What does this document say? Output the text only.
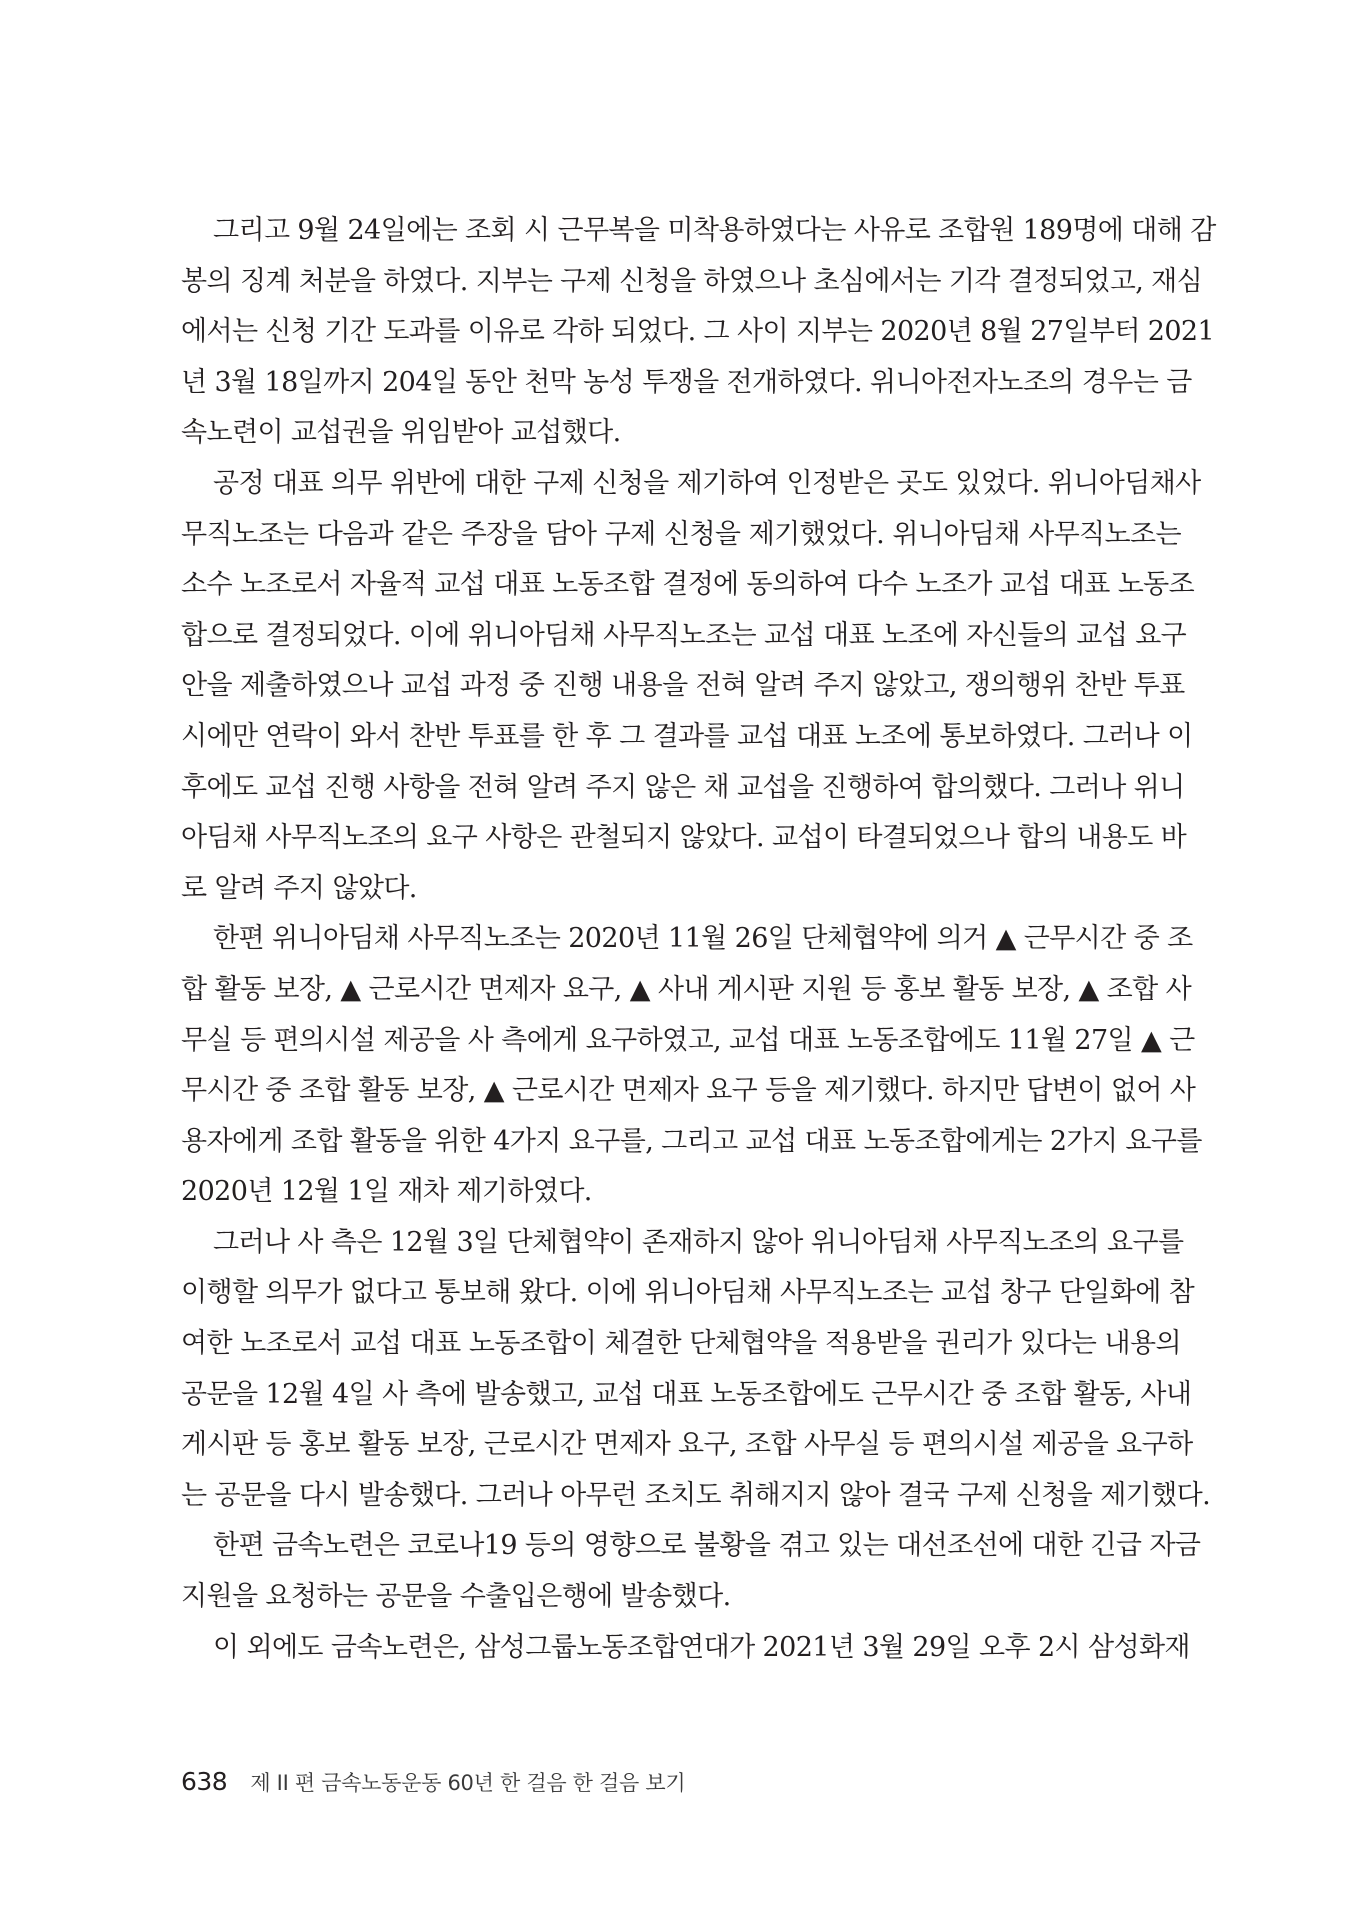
그리고 9월 24일에는 조회 시 근무복을 미착용하였다는 사유로 조합원 189명에 대해 감
봉의 징계 처분을 하였다. 지부는 구제 신청을 하였으나 초심에서는 기각 결정되었고, 재심
에서는 신청 기간 도과를 이유로 각하 되었다. 그 사이 지부는 2020년 8월 27일부터 2021
년 3월 18일까지 204일 동안 천막 농성 투쟁을 전개하였다. 위니아전자노조의 경우는 금
속노련이 교섭권을 위임받아 교섭했다.
공정 대표 의무 위반에 대한 구제 신청을 제기하여 인정받은 곳도 있었다. 위니아딤채사
무직노조는 다음과 같은 주장을 담아 구제 신청을 제기했었다. 위니아딤채 사무직노조는
소수 노조로서 자율적 교섭 대표 노동조합 결정에 동의하여 다수 노조가 교섭 대표 노동조
합으로 결정되었다. 이에 위니아딤채 사무직노조는 교섭 대표 노조에 자신들의 교섭 요구
안을 제출하였으나 교섭 과정 중 진행 내용을 전혀 알려 주지 않았고, 쟁의행위 찬반 투표
시에만 연락이 와서 찬반 투표를 한 후 그 결과를 교섭 대표 노조에 통보하였다. 그러나 이
후에도 교섭 진행 사항을 전혀 알려 주지 않은 채 교섭을 진행하여 합의했다. 그러나 위니
아딤채 사무직노조의 요구 사항은 관철되지 않았다. 교섭이 타결되었으나 합의 내용도 바
로 알려 주지 않았다.
한편 위니아딤채 사무직노조는 2020년 11월 26일 단체협약에 의거 ▲ 근무시간 중 조
합 활동 보장, ▲ 근로시간 면제자 요구, ▲ 사내 게시판 지원 등 홍보 활동 보장, ▲ 조합 사
무실 등 편의시설 제공을 사 측에게 요구하였고, 교섭 대표 노동조합에도 11월 27일 ▲ 근
무시간 중 조합 활동 보장, ▲ 근로시간 면제자 요구 등을 제기했다. 하지만 답변이 없어 사
용자에게 조합 활동을 위한 4가지 요구를, 그리고 교섭 대표 노동조합에게는 2가지 요구를
2020년 12월 1일 재차 제기하였다.
그러나 사 측은 12월 3일 단체협약이 존재하지 않아 위니아딤채 사무직노조의 요구를
이행할 의무가 없다고 통보해 왔다. 이에 위니아딤채 사무직노조는 교섭 창구 단일화에 참
여한 노조로서 교섭 대표 노동조합이 체결한 단체협약을 적용받을 권리가 있다는 내용의
공문을 12월 4일 사 측에 발송했고, 교섭 대표 노동조합에도 근무시간 중 조합 활동, 사내
게시판 등 홍보 활동 보장, 근로시간 면제자 요구, 조합 사무실 등 편의시설 제공을 요구하
는 공문을 다시 발송했다. 그러나 아무런 조치도 취해지지 않아 결국 구제 신청을 제기했다.
한편 금속노련은 코로나19 등의 영향으로 불황을 겪고 있는 대선조선에 대한 긴급 자금
지원을 요청하는 공문을 수출입은행에 발송했다.
이 외에도 금속노련은, 삼성그룹노동조합연대가 2021년 3월 29일 오후 2시 삼성화재
638 제 II 편 금속노동운동 60년 한 걸음 한 걸음 보기
